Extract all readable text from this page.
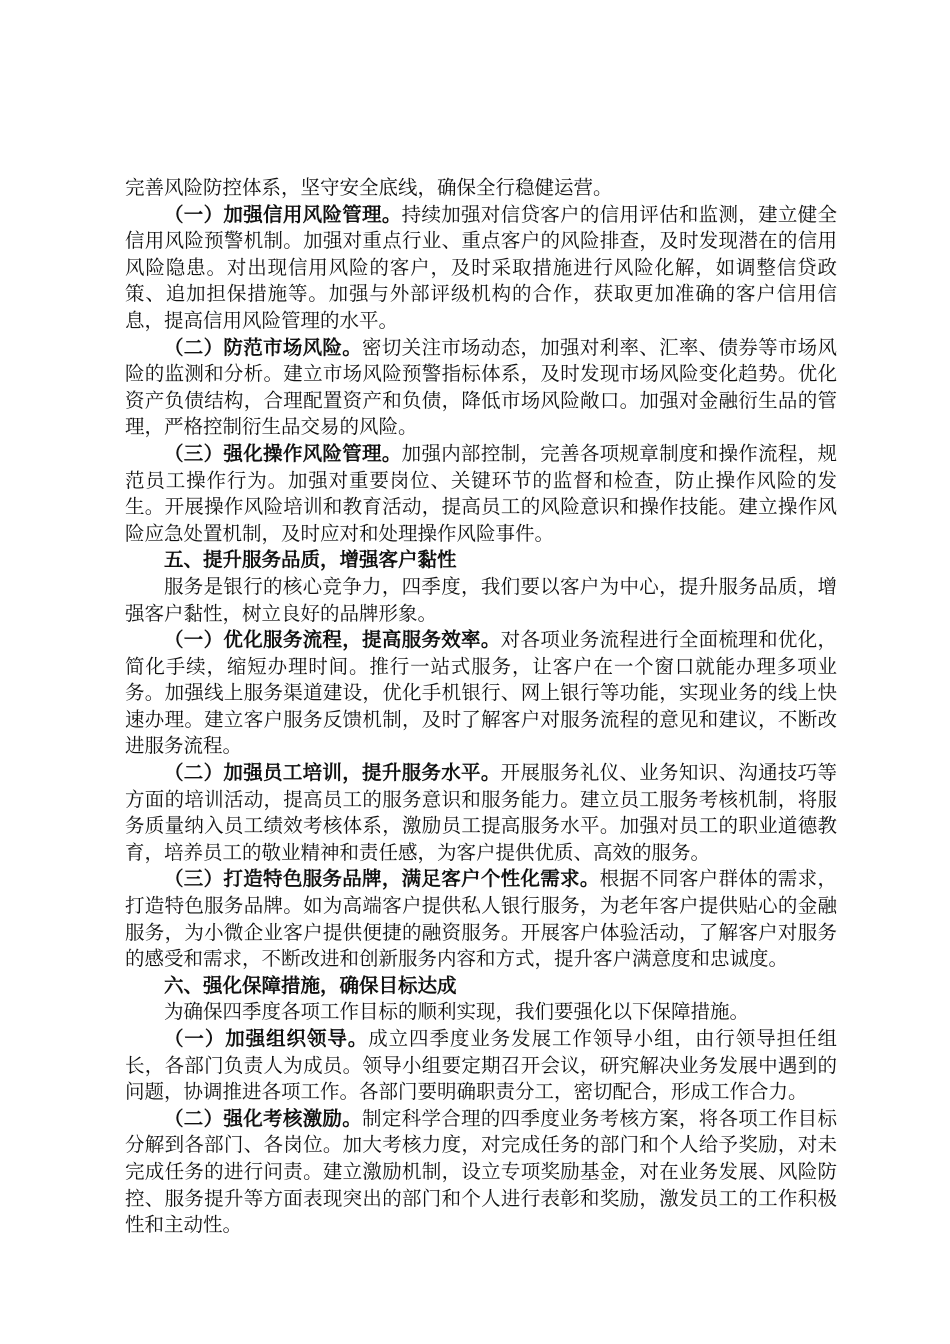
完善风险防控体系，坚守安全底线，确保全行稳健运营。

（一）加强信用风险管理。持续加强对信贷客户的信用评估和监测，建立健全信用风险预警机制。加强对重点行业、重点客户的风险排查，及时发现潜在的信用风险隐患。对出现信用风险的客户，及时采取措施进行风险化解，如调整信贷政策、追加担保措施等。加强与外部评级机构的合作，获取更加准确的客户信用信息，提高信用风险管理的水平。

（二）防范市场风险。密切关注市场动态，加强对利率、汇率、债券等市场风险的监测和分析。建立市场风险预警指标体系，及时发现市场风险变化趋势。优化资产负债结构，合理配置资产和负债，降低市场风险敞口。加强对金融衍生品的管理，严格控制衍生品交易的风险。

（三）强化操作风险管理。加强内部控制，完善各项规章制度和操作流程，规范员工操作行为。加强对重要岗位、关键环节的监督和检查，防止操作风险的发生。开展操作风险培训和教育活动，提高员工的风险意识和操作技能。建立操作风险应急处置机制，及时应对和处理操作风险事件。

五、提升服务品质，增强客户黏性

服务是银行的核心竞争力，四季度，我们要以客户为中心，提升服务品质，增强客户黏性，树立良好的品牌形象。

（一）优化服务流程，提高服务效率。对各项业务流程进行全面梳理和优化，简化手续，缩短办理时间。推行一站式服务，让客户在一个窗口就能办理多项业务。加强线上服务渠道建设，优化手机银行、网上银行等功能，实现业务的线上快速办理。建立客户服务反馈机制，及时了解客户对服务流程的意见和建议，不断改进服务流程。

（二）加强员工培训，提升服务水平。开展服务礼仪、业务知识、沟通技巧等方面的培训活动，提高员工的服务意识和服务能力。建立员工服务考核机制，将服务质量纳入员工绩效考核体系，激励员工提高服务水平。加强对员工的职业道德教育，培养员工的敬业精神和责任感，为客户提供优质、高效的服务。

（三）打造特色服务品牌，满足客户个性化需求。根据不同客户群体的需求，打造特色服务品牌。如为高端客户提供私人银行服务，为老年客户提供贴心的金融服务，为小微企业客户提供便捷的融资服务。开展客户体验活动，了解客户对服务的感受和需求，不断改进和创新服务内容和方式，提升客户满意度和忠诚度。

六、强化保障措施，确保目标达成

为确保四季度各项工作目标的顺利实现，我们要强化以下保障措施。

（一）加强组织领导。成立四季度业务发展工作领导小组，由行领导担任组长，各部门负责人为成员。领导小组要定期召开会议，研究解决业务发展中遇到的问题，协调推进各项工作。各部门要明确职责分工，密切配合，形成工作合力。

（二）强化考核激励。制定科学合理的四季度业务考核方案，将各项工作目标分解到各部门、各岗位。加大考核力度，对完成任务的部门和个人给予奖励，对未完成任务的进行问责。建立激励机制，设立专项奖励基金，对在业务发展、风险防控、服务提升等方面表现突出的部门和个人进行表彰和奖励，激发员工的工作积极性和主动性。
